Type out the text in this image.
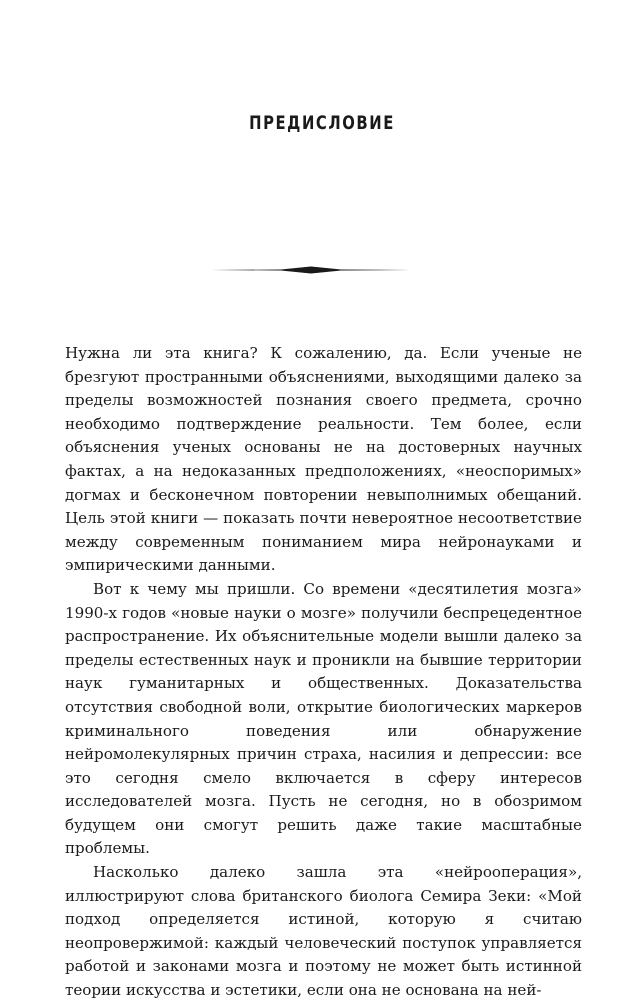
ПРЕДИСЛОВИЕ

Нужна ли эта книга? К сожалению, да. Если ученые не брезгуют пространными объяснениями, выходящими далеко за пределы возможностей познания своего предмета, срочно необходимо подтверждение реальности. Тем более, если объяснения ученых основаны не на достоверных научных фактах, а на недоказанных предположениях, «неоспоримых» догмах и бесконечном повторении невыполнимых обещаний. Цель этой книги — показать почти невероятное несоответствие между современным пониманием мира нейронауками и эмпирическими данными.

Вот к чему мы пришли. Со времени «десятилетия мозга» 1990-х годов «новые науки о мозге» получили беспрецедентное распространение. Их объяснительные модели вышли далеко за пределы естественных наук и проникли на бывшие территории наук гуманитарных и общественных. Доказательства отсутствия свободной воли, открытие биологических маркеров криминального поведения или обнаружение нейромолекулярных причин страха, насилия и депрессии: все это сегодня смело включается в сферу интересов исследователей мозга. Пусть не сегодня, но в обозримом будущем они смогут решить даже такие масштабные проблемы.

Насколько далеко зашла эта «нейрооперация», иллюстрируют слова британского биолога Семира Зеки: «Мой подход определяется истиной, которую я считаю неопровержимой: каждый человеческий поступок управляется работой и законами мозга и поэтому не может быть истинной теории искусства и эстетики, если она не основана на ней-
